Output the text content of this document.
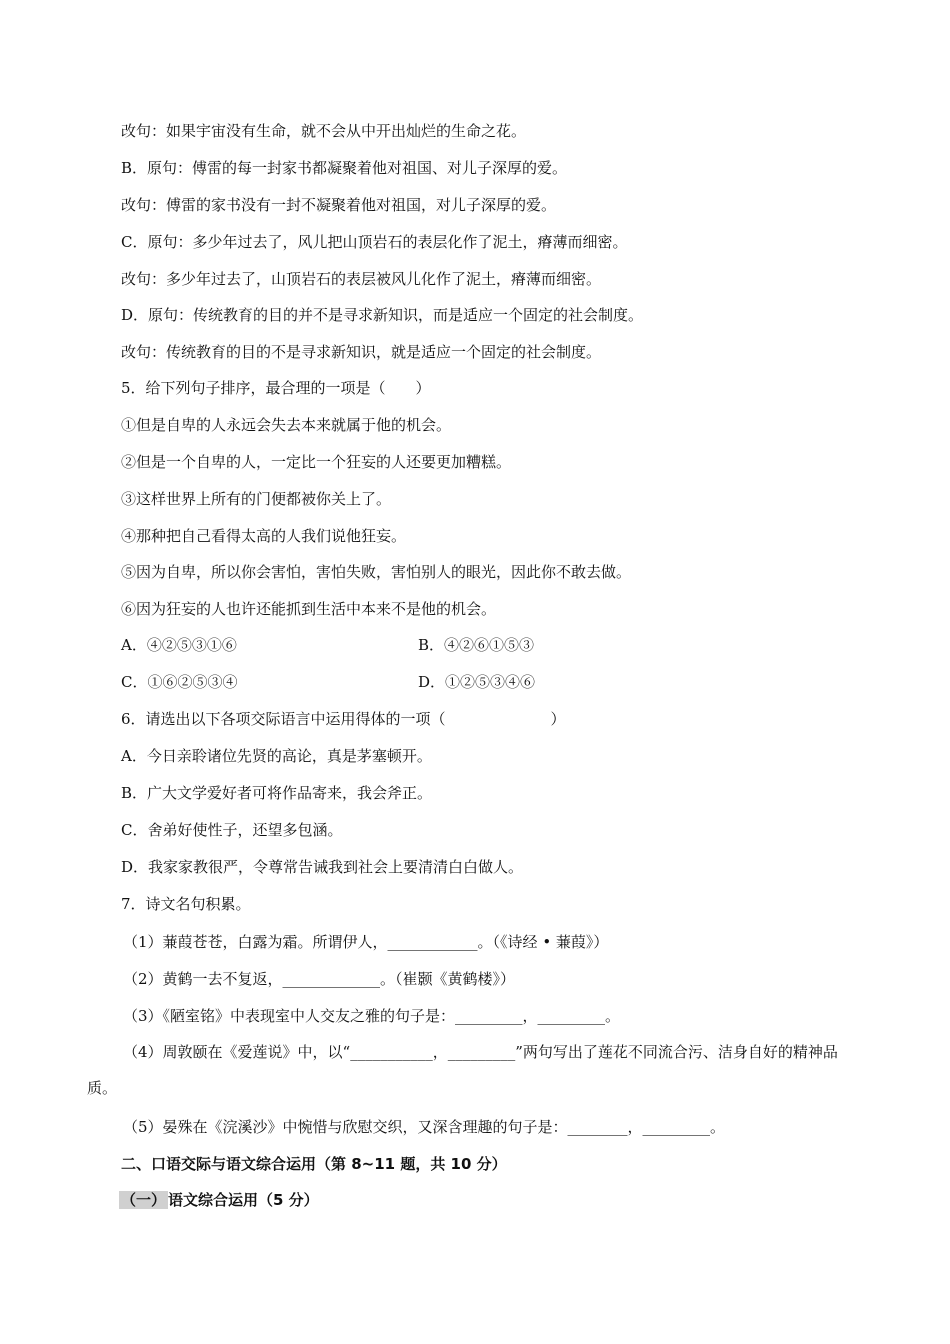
改句：如果宇宙没有生命，就不会从中开出灿烂的生命之花。
B．原句：傅雷的每一封家书都凝聚着他对祖国、对儿子深厚的爱。
改句：傅雷的家书没有一封不凝聚着他对祖国，对儿子深厚的爱。
C．原句：多少年过去了，风儿把山顶岩石的表层化作了泥土，瘠薄而细密。
改句：多少年过去了，山顶岩石的表层被风儿化作了泥土，瘠薄而细密。
D．原句：传统教育的目的并不是寻求新知识，而是适应一个固定的社会制度。
改句：传统教育的目的不是寻求新知识，就是适应一个固定的社会制度。
5．给下列句子排序，最合理的一项是（　　）
①但是自卑的人永远会失去本来就属于他的机会。
②但是一个自卑的人，一定比一个狂妄的人还要更加糟糕。
③这样世界上所有的门便都被你关上了。
④那种把自己看得太高的人我们说他狂妄。
⑤因为自卑，所以你会害怕，害怕失败，害怕别人的眼光，因此你不敢去做。
⑥因为狂妄的人也许还能抓到生活中本来不是他的机会。
A．④②⑤③①⑥	B．④②⑥①⑤③
C．①⑥②⑤③④	D．①②⑤③④⑥
6．请选出以下各项交际语言中运用得体的一项（　　　　　　　）
A．今日亲聆诸位先贤的高论，真是茅塞顿开。
B．广大文学爱好者可将作品寄来，我会斧正。
C．舍弟好使性子，还望多包涵。
D．我家家教很严，令尊常告诫我到社会上要清清白白做人。
7．诗文名句积累。
（1）蒹葭苍苍，白露为霜。所谓伊人，____________。（《诗经 • 蒹葭》）
（2）黄鹤一去不复返，_____________。（崔颢《黄鹤楼》）
（3）《陋室铭》中表现室中人交友之雅的句子是：_________，_________。
（4）周敦颐在《爱莲说》中，以“___________，_________”两句写出了莲花不同流合污、洁身自好的精神品质。
（5）晏殊在《浣溪沙》中惋惜与欣慰交织，又深含理趣的句子是：________，_________。
二、口语交际与语文综合运用（第 8~11 题，共 10 分）
（一） 语文综合运用（5 分）
